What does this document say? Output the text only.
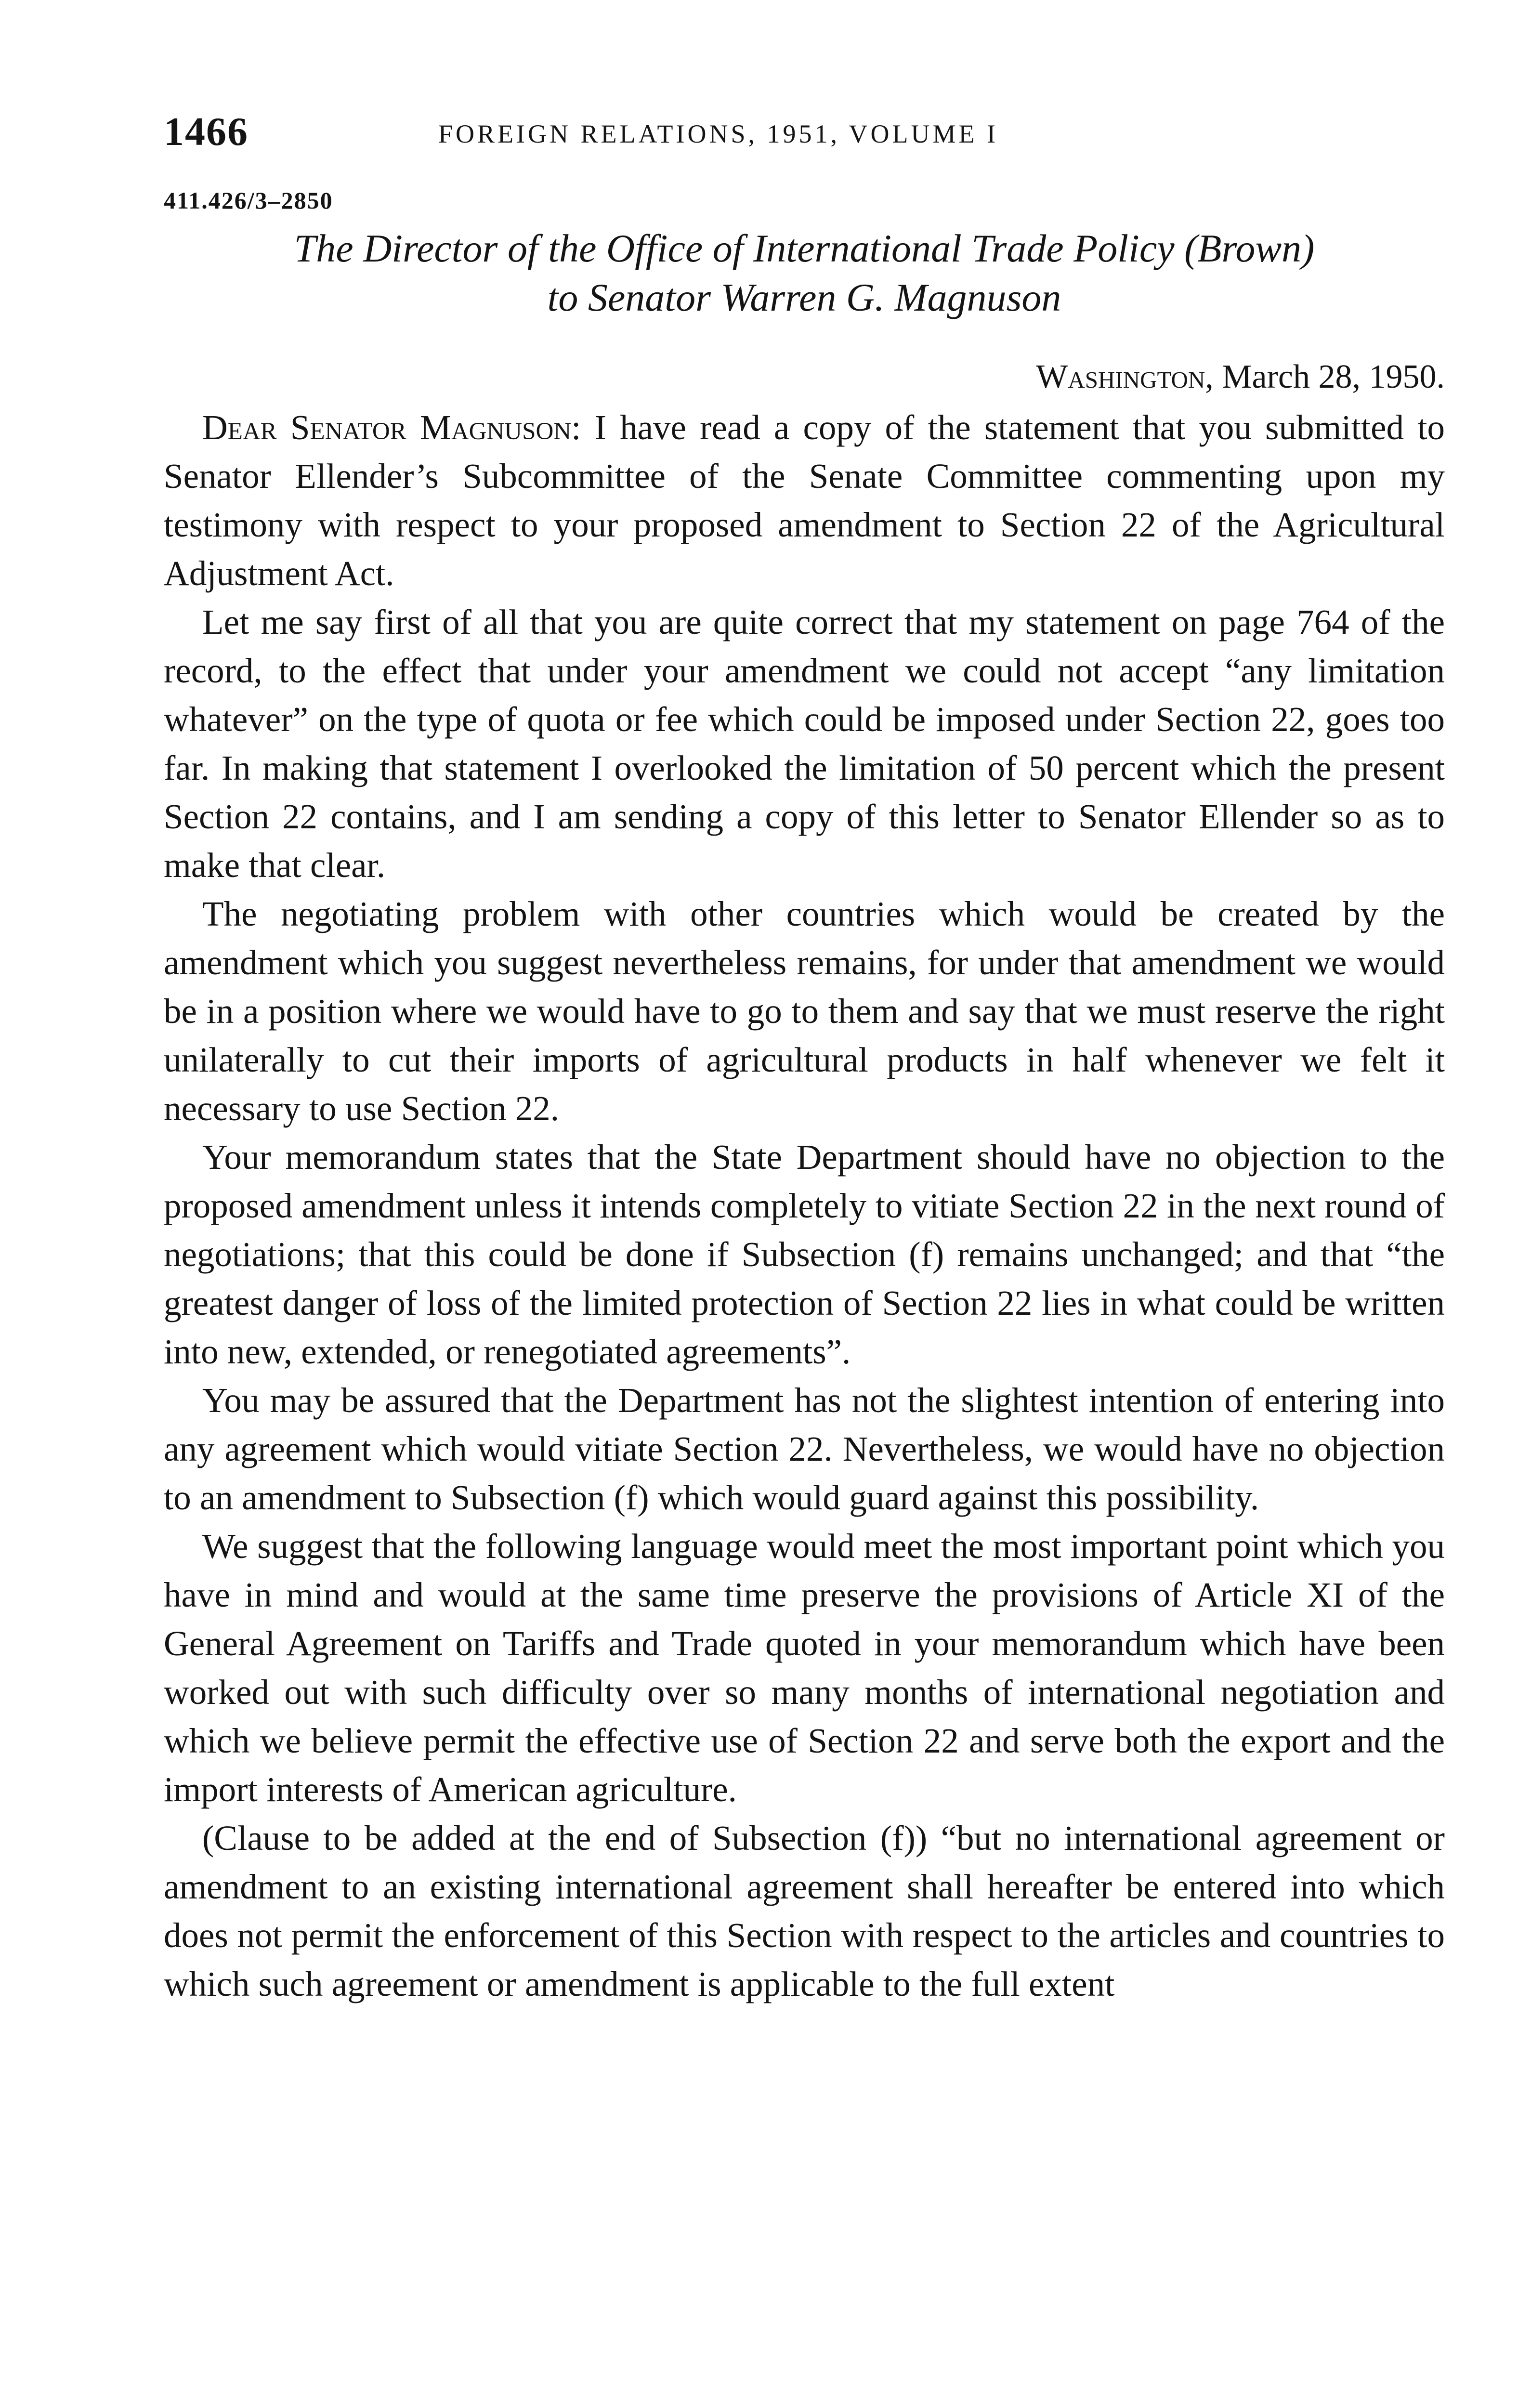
1466	FOREIGN RELATIONS, 1951, VOLUME I
411.426/3–2850
The Director of the Office of International Trade Policy (Brown)
to Senator Warren G. Magnuson
Washington, March 28, 1950.

Dear Senator Magnuson: I have read a copy of the statement that you submitted to Senator Ellender’s Subcommittee of the Senate Committee commenting upon my testimony with respect to your proposed amendment to Section 22 of the Agricultural Adjustment Act.

Let me say first of all that you are quite correct that my statement on page 764 of the record, to the effect that under your amendment we could not accept “any limitation whatever” on the type of quota or fee which could be imposed under Section 22, goes too far. In making that statement I overlooked the limitation of 50 percent which the present Section 22 contains, and I am sending a copy of this letter to Senator Ellender so as to make that clear.

The negotiating problem with other countries which would be created by the amendment which you suggest nevertheless remains, for under that amendment we would be in a position where we would have to go to them and say that we must reserve the right unilaterally to cut their imports of agricultural products in half whenever we felt it necessary to use Section 22.

Your memorandum states that the State Department should have no objection to the proposed amendment unless it intends completely to vitiate Section 22 in the next round of negotiations; that this could be done if Subsection (f) remains unchanged; and that “the greatest danger of loss of the limited protection of Section 22 lies in what could be written into new, extended, or renegotiated agreements”.

You may be assured that the Department has not the slightest intention of entering into any agreement which would vitiate Section 22. Nevertheless, we would have no objection to an amendment to Subsection (f) which would guard against this possibility.

We suggest that the following language would meet the most important point which you have in mind and would at the same time preserve the provisions of Article XI of the General Agreement on Tariffs and Trade quoted in your memorandum which have been worked out with such difficulty over so many months of international negotiation and which we believe permit the effective use of Section 22 and serve both the export and the import interests of American agriculture.

(Clause to be added at the end of Subsection (f)) “but no international agreement or amendment to an existing international agreement shall hereafter be entered into which does not permit the enforcement of this Section with respect to the articles and countries to which such agreement or amendment is applicable to the full extent
